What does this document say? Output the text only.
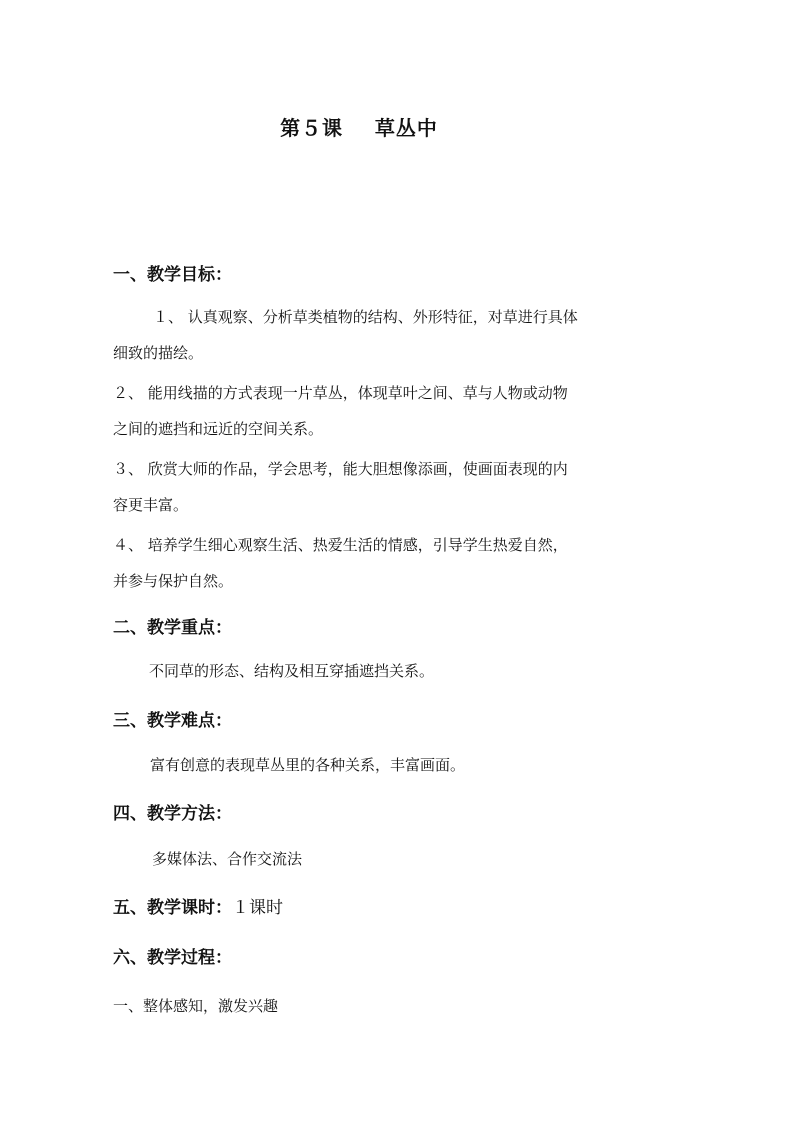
第５课    草丛中
一、教学目标：
１、 认真观察、分析草类植物的结构、外形特征，对草进行具体
细致的描绘。
２、 能用线描的方式表现一片草丛，体现草叶之间、草与人物或动物
之间的遮挡和远近的空间关系。
３、 欣赏大师的作品，学会思考，能大胆想像添画，使画面表现的内
容更丰富。
４、 培养学生细心观察生活、热爱生活的情感，引导学生热爱自然，
并参与保护自然。
二、教学重点：
不同草的形态、结构及相互穿插遮挡关系。
三、教学难点：
富有创意的表现草丛里的各种关系，丰富画面。
四、教学方法：
多媒体法、合作交流法
五、教学课时：１课时
六、教学过程：
一、整体感知，激发兴趣
